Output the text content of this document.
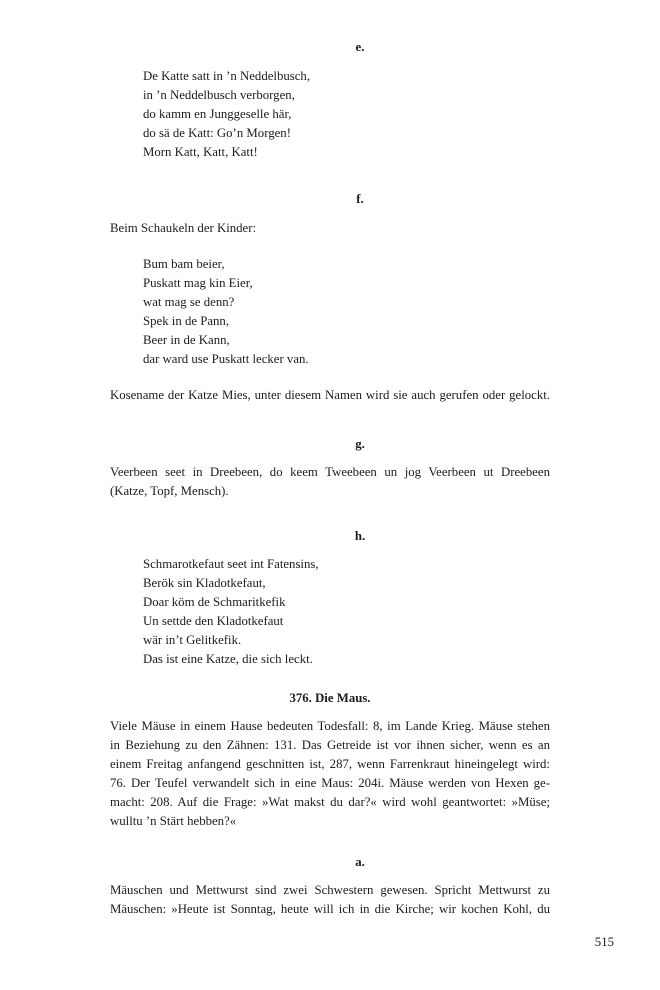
e.
De Katte satt in ’n Neddelbusch,
in ’n Neddelbusch verborgen,
do kamm en Junggeselle här,
do sä de Katt: Go’n Morgen!
Morn Katt, Katt, Katt!
f.
Beim Schaukeln der Kinder:
Bum bam beier,
Puskatt mag kin Eier,
wat mag se denn?
Spek in de Pann,
Beer in de Kann,
dar ward use Puskatt lecker van.
Kosename der Katze Mies, unter diesem Namen wird sie auch gerufen oder gelockt.
g.
Veerbeen seet in Dreebeen, do keem Tweebeen un jog Veerbeen ut Dreebeen
(Katze, Topf, Mensch).
h.
Schmarotkefaut seet int Fatensins,
Berök sin Kladotkefaut,
Doar köm de Schmaritkefik
Un settde den Kladotkefaut
wär in’t Gelitkefik.
Das ist eine Katze, die sich leckt.
376. Die Maus.
Viele Mäuse in einem Hause bedeuten Todesfall: 8, im Lande Krieg. Mäuse stehen
in Beziehung zu den Zähnen: 131. Das Getreide ist vor ihnen sicher, wenn es an
einem Freitag anfangend geschnitten ist, 287, wenn Farrenkraut hineingelegt wird:
76. Der Teufel verwandelt sich in eine Maus: 204i. Mäuse werden von Hexen ge-
macht: 208. Auf die Frage: »Wat makst du dar?« wird wohl geantwortet: »Müse;
wulltu ’n Stärt hebben?«
a.
Mäuschen und Mettwurst sind zwei Schwestern gewesen. Spricht Mettwurst zu
Mäuschen: »Heute ist Sonntag, heute will ich in die Kirche; wir kochen Kohl, du
515
